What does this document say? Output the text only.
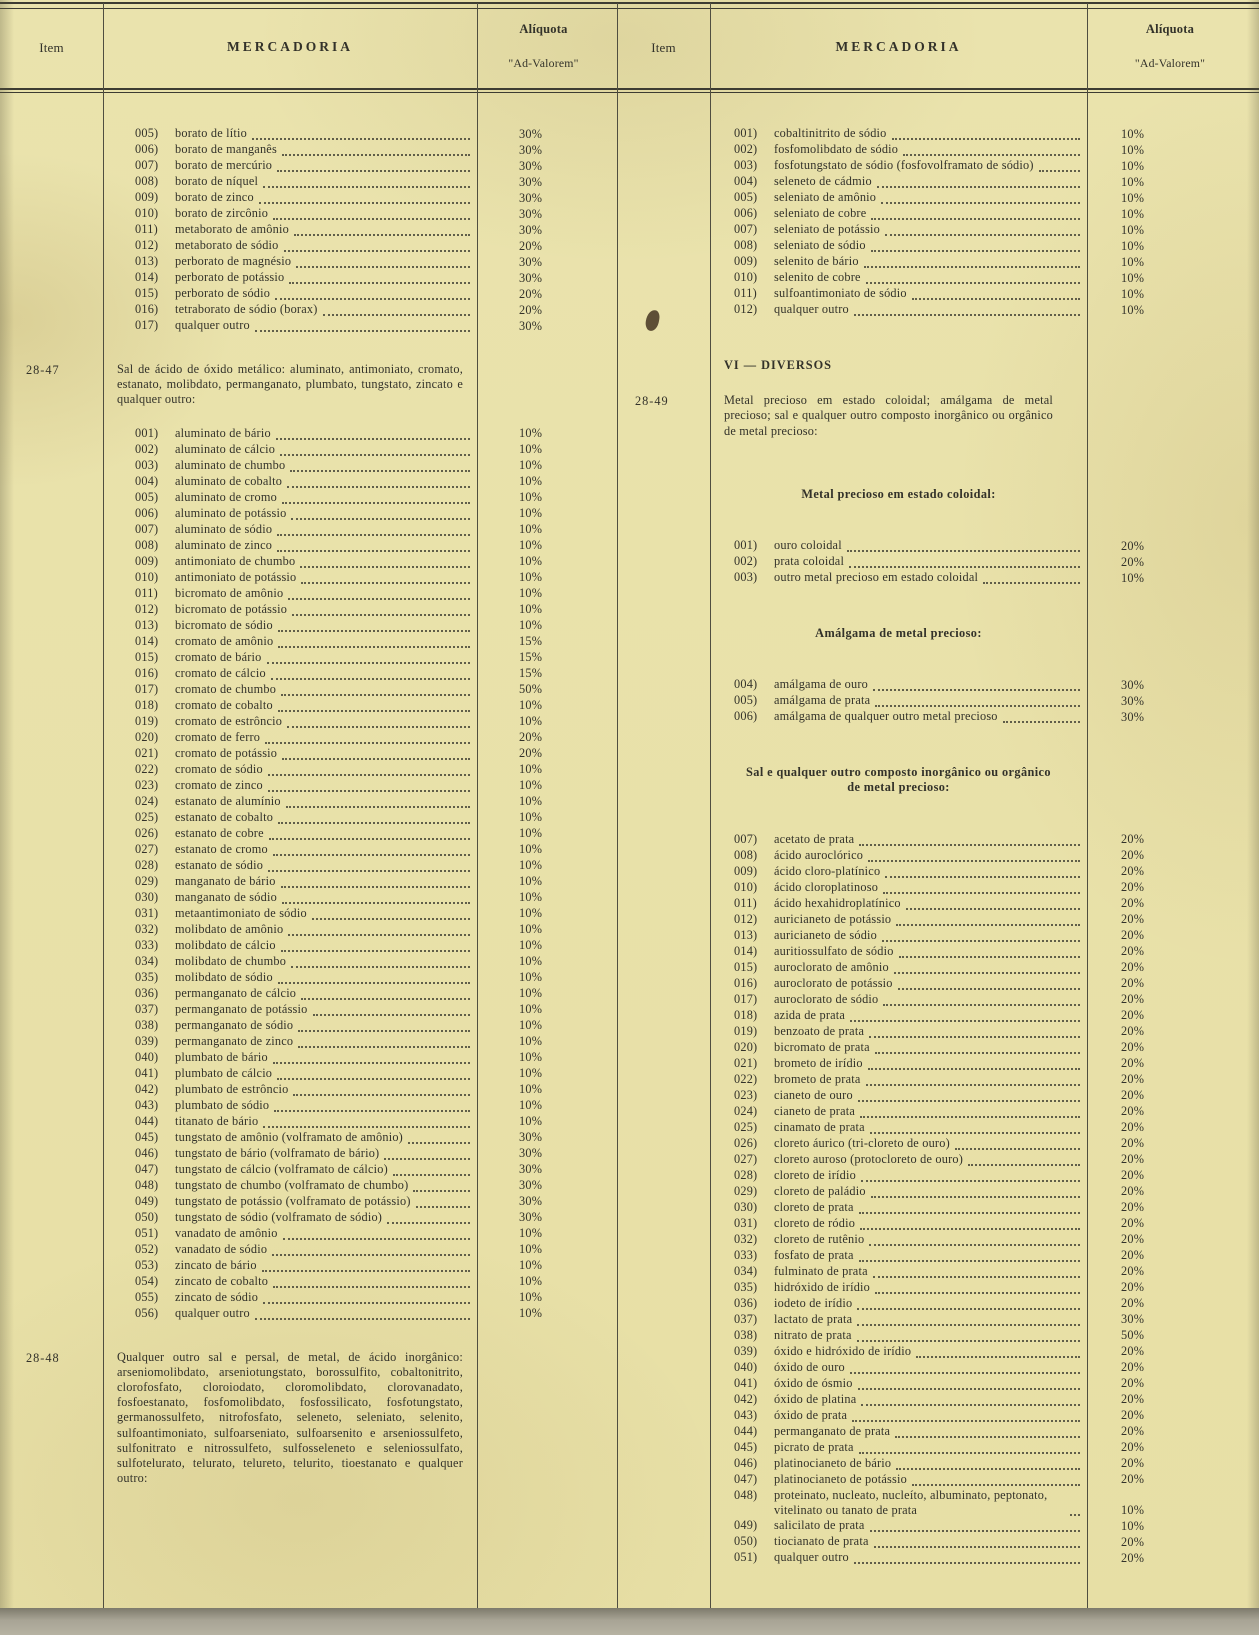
Item	MERCADORIA
Alíquota
"Ad-Valorem"
Item	MERCADORIA
Alíquota
"Ad-Valorem"
005)	borato de lítio	30%
006)	borato de manganês	30%
007)	borato de mercúrio	30%
008)	borato de níquel	30%
009)	borato de zinco	30%
010)	borato de zircônio	30%
011)	metaborato de amônio	30%
012)	metaborato de sódio	20%
013)	perborato de magnésio	30%
014)	perborato de potássio	30%
015)	perborato de sódio	20%
016)	tetraborato de sódio (borax)	20%
017)	qualquer outro	30%
28-47	Sal de ácido de óxido metálico: aluminato, antimoniato, cromato, estanato, molibdato, permanganato, plumbato, tungstato, zincato e qualquer outro:
001)	aluminato de bário	10%
002)	aluminato de cálcio	10%
003)	aluminato de chumbo	10%
004)	aluminato de cobalto	10%
005)	aluminato de cromo	10%
006)	aluminato de potássio	10%
007)	aluminato de sódio	10%
008)	aluminato de zinco	10%
009)	antimoniato de chumbo	10%
010)	antimoniato de potássio	10%
011)	bicromato de amônio	10%
012)	bicromato de potássio	10%
013)	bicromato de sódio	10%
014)	cromato de amônio	15%
015)	cromato de bário	15%
016)	cromato de cálcio	15%
017)	cromato de chumbo	50%
018)	cromato de cobalto	10%
019)	cromato de estrôncio	10%
020)	cromato de ferro	20%
021)	cromato de potássio	20%
022)	cromato de sódio	10%
023)	cromato de zinco	10%
024)	estanato de alumínio	10%
025)	estanato de cobalto	10%
026)	estanato de cobre	10%
027)	estanato de cromo	10%
028)	estanato de sódio	10%
029)	manganato de bário	10%
030)	manganato de sódio	10%
031)	metaantimoniato de sódio	10%
032)	molibdato de amônio	10%
033)	molibdato de cálcio	10%
034)	molibdato de chumbo	10%
035)	molibdato de sódio	10%
036)	permanganato de cálcio	10%
037)	permanganato de potássio	10%
038)	permanganato de sódio	10%
039)	permanganato de zinco	10%
040)	plumbato de bário	10%
041)	plumbato de cálcio	10%
042)	plumbato de estrôncio	10%
043)	plumbato de sódio	10%
044)	titanato de bário	10%
045)	tungstato de amônio (volframato de amônio)	30%
046)	tungstato de bário (volframato de bário)	30%
047)	tungstato de cálcio (volframato de cálcio)	30%
048)	tungstato de chumbo (volframato de chumbo)	30%
049)	tungstato de potássio (volframato de potássio)	30%
050)	tungstato de sódio (volframato de sódio)	30%
051)	vanadato de amônio	10%
052)	vanadato de sódio	10%
053)	zincato de bário	10%
054)	zincato de cobalto	10%
055)	zincato de sódio	10%
056)	qualquer outro	10%
28-48	Qualquer outro sal e persal, de metal, de ácido inorgânico: arseniomolibdato, arseniotungstato, borossulfito, cobaltonitrito, clorofosfato, cloroiodato, cloromolibdato, clorovanadato, fosfoestanato, fosfomolibdato, fosfossilicato, fosfotungstato, germanossulfeto, nitrofosfato, seleneto, seleniato, selenito, sulfoantimoniato, sulfoarseniato, sulfoarsenito e arseniossulfeto, sulfonitrato e nitrossulfeto, sulfosseleneto e seleniossulfato, sulfotelurato, telurato, telureto, telurito, tioestanato e qualquer outro:
001)	cobaltinitrito de sódio	10%
002)	fosfomolibdato de sódio	10%
003)	fosfotungstato de sódio (fosfovolframato de sódio)	10%
004)	seleneto de cádmio	10%
005)	seleniato de amônio	10%
006)	seleniato de cobre	10%
007)	seleniato de potássio	10%
008)	seleniato de sódio	10%
009)	selenito de bário	10%
010)	selenito de cobre	10%
011)	sulfoantimoniato de sódio	10%
012)	qualquer outro	10%
VI — DIVERSOS
28-49	Metal precioso em estado coloidal; amálgama de metal precioso; sal e qualquer outro composto inorgânico ou orgânico de metal precioso:
Metal precioso em estado coloidal:
001)	ouro coloidal	20%
002)	prata coloidal	20%
003)	outro metal precioso em estado coloidal	10%
Amálgama de metal precioso:
004)	amálgama de ouro	30%
005)	amálgama de prata	30%
006)	amálgama de qualquer outro metal precioso	30%
Sal e qualquer outro composto inorgânico ou orgânico de metal precioso:
007)	acetato de prata	20%
008)	ácido auroclórico	20%
009)	ácido cloro-platínico	20%
010)	ácido cloroplatinoso	20%
011)	ácido hexahidroplatínico	20%
012)	auricianeto de potássio	20%
013)	auricianeto de sódio	20%
014)	auritiossulfato de sódio	20%
015)	auroclorato de amônio	20%
016)	auroclorato de potássio	20%
017)	auroclorato de sódio	20%
018)	azida de prata	20%
019)	benzoato de prata	20%
020)	bicromato de prata	20%
021)	brometo de irídio	20%
022)	brometo de prata	20%
023)	cianeto de ouro	20%
024)	cianeto de prata	20%
025)	cinamato de prata	20%
026)	cloreto áurico (tri-cloreto de ouro)	20%
027)	cloreto auroso (protocloreto de ouro)	20%
028)	cloreto de irídio	20%
029)	cloreto de paládio	20%
030)	cloreto de prata	20%
031)	cloreto de ródio	20%
032)	cloreto de rutênio	20%
033)	fosfato de prata	20%
034)	fulminato de prata	20%
035)	hidróxido de irídio	20%
036)	iodeto de irídio	20%
037)	lactato de prata	30%
038)	nitrato de prata	50%
039)	óxido e hidróxido de irídio	20%
040)	óxido de ouro	20%
041)	óxido de ósmio	20%
042)	óxido de platina	20%
043)	óxido de prata	20%
044)	permanganato de prata	20%
045)	picrato de prata	20%
046)	platinocianeto de bário	20%
047)	platinocianeto de potássio	20%
048)	proteinato, nucleato, nucleíto, albuminato, peptonato, vitelinato ou tanato de prata	10%
049)	salicilato de prata	10%
050)	tiocianato de prata	20%
051)	qualquer outro	20%
